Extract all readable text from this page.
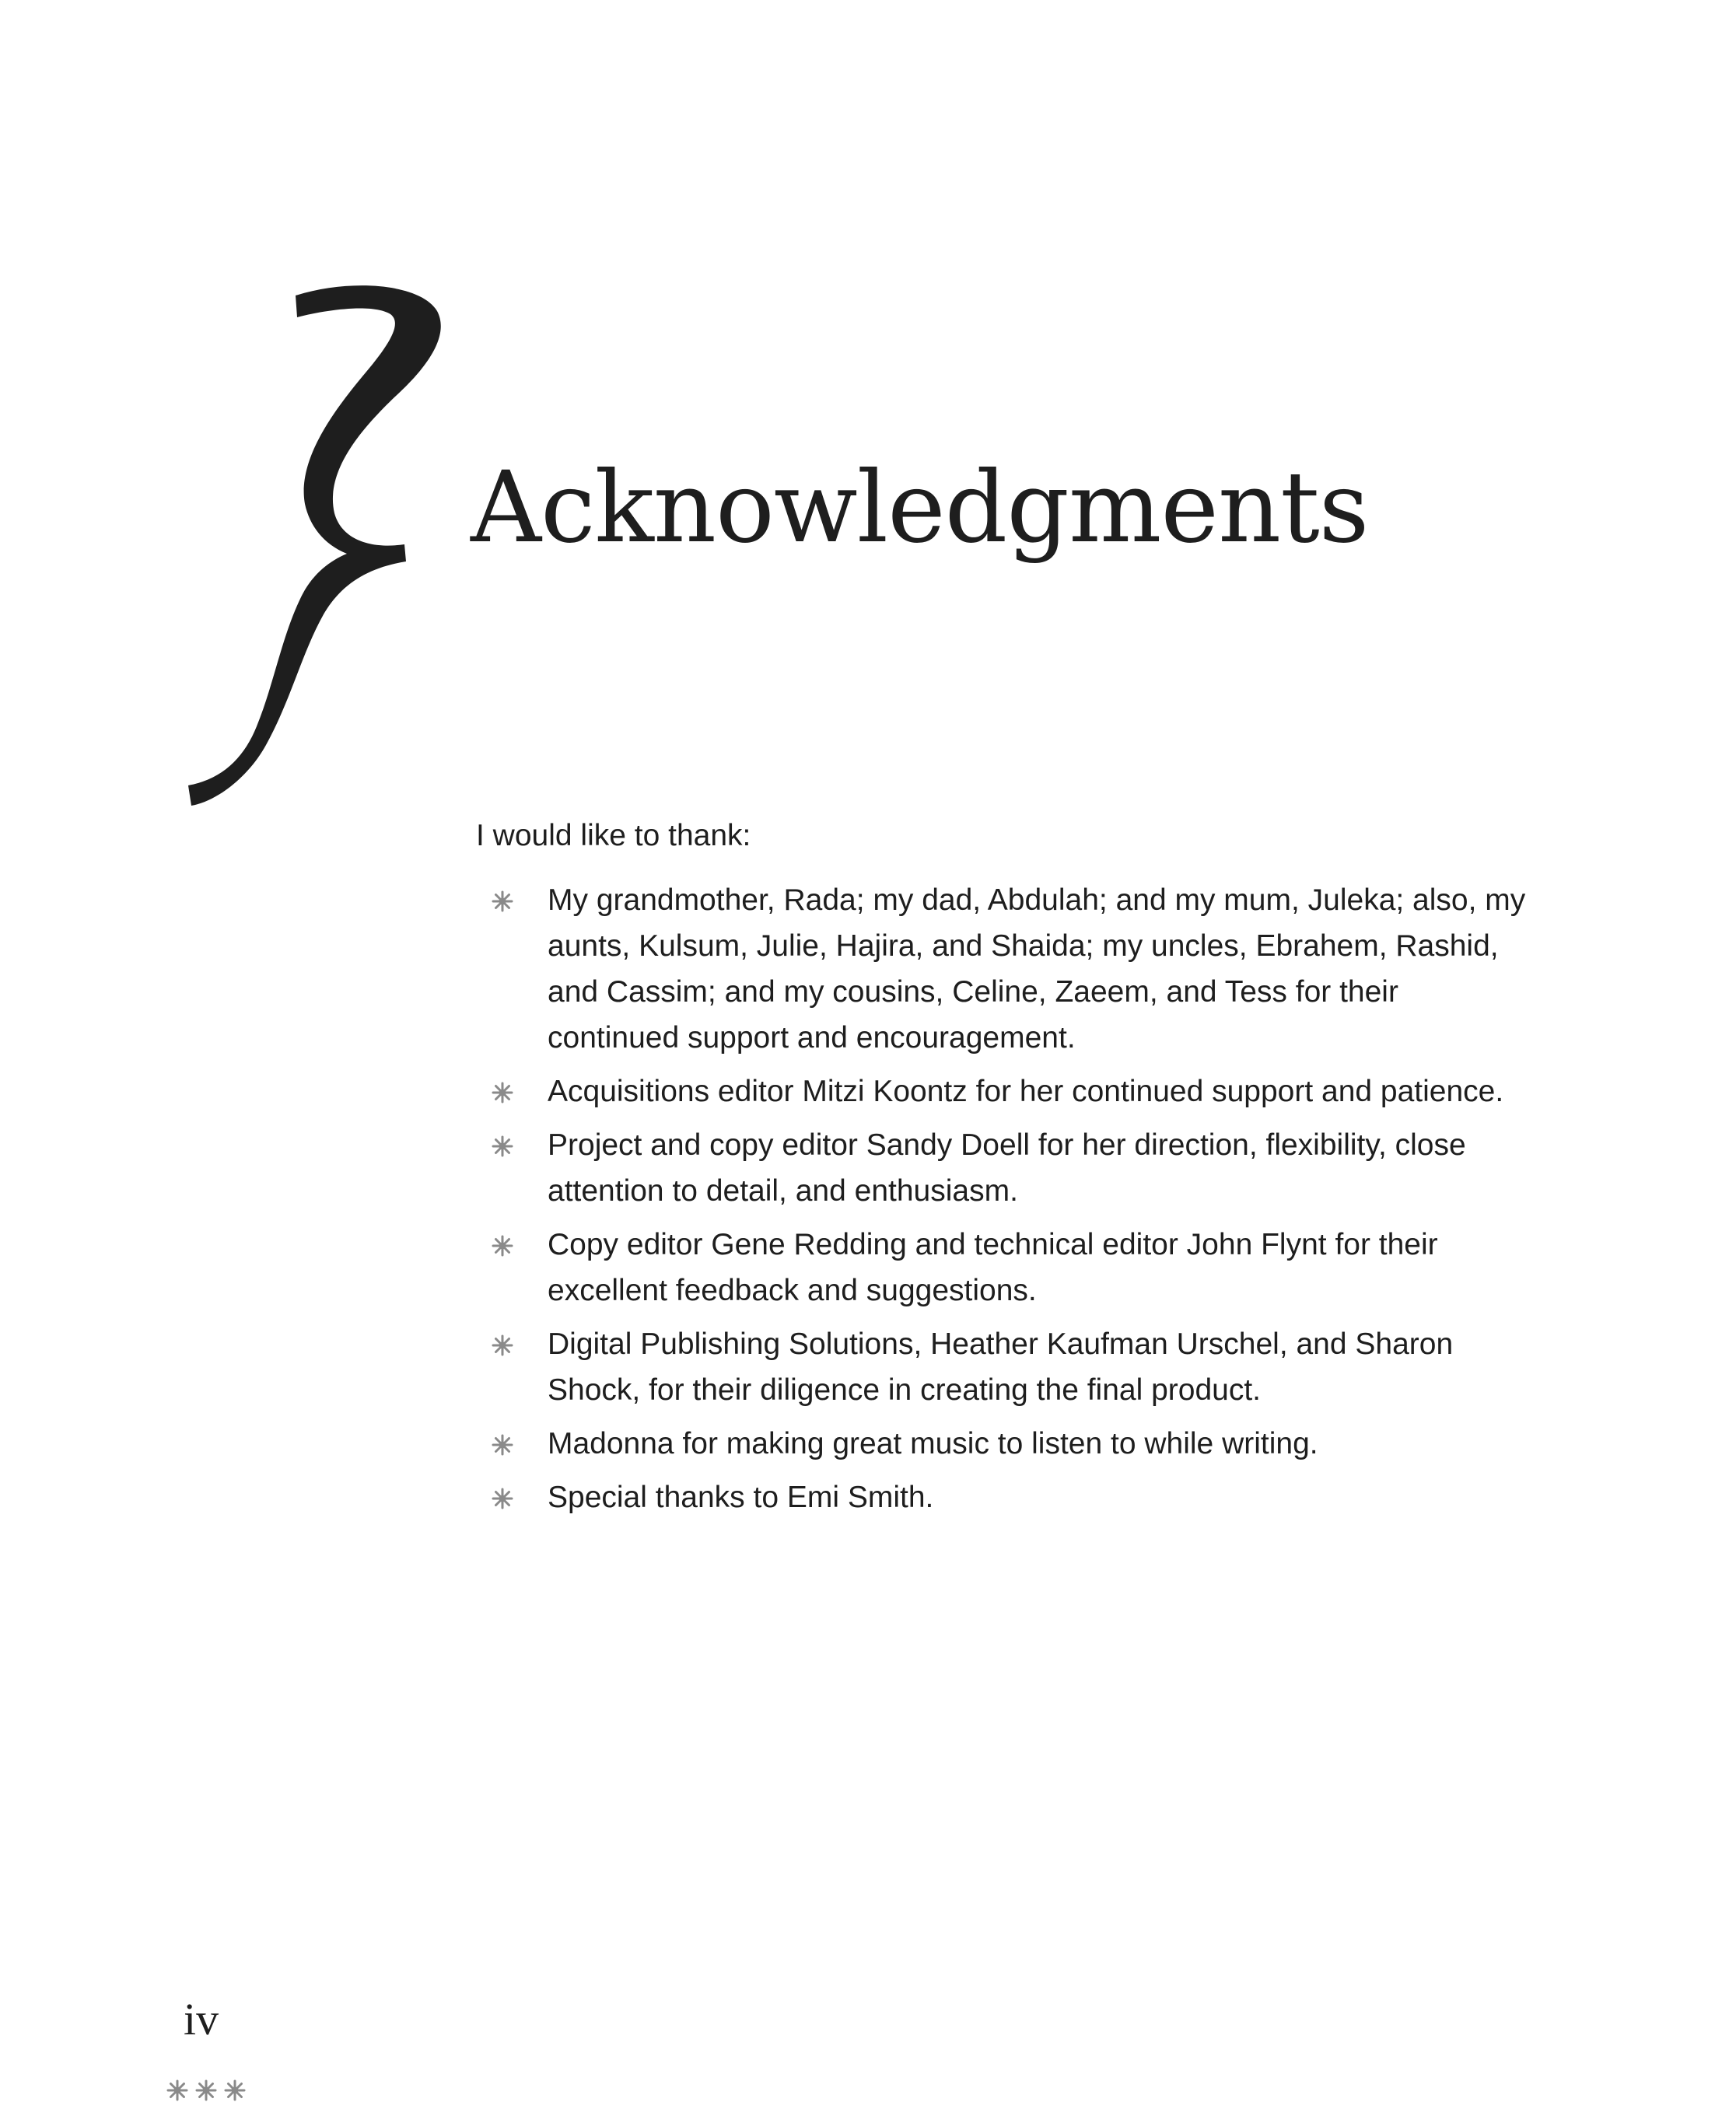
Acknowledgments

I would like to thank:

My grandmother, Rada; my dad, Abdulah; and my mum, Juleka; also, my aunts, Kulsum, Julie, Hajira, and Shaida; my uncles, Ebrahem, Rashid, and Cassim; and my cousins, Celine, Zaeem, and Tess for their continued support and encouragement.
Acquisitions editor Mitzi Koontz for her continued support and patience.
Project and copy editor Sandy Doell for her direction, flexibility, close attention to detail, and enthusiasm.
Copy editor Gene Redding and technical editor John Flynt for their excellent feedback and suggestions.
Digital Publishing Solutions, Heather Kaufman Urschel, and Sharon Shock, for their diligence in creating the final product.
Madonna for making great music to listen to while writing.
Special thanks to Emi Smith.

iv
